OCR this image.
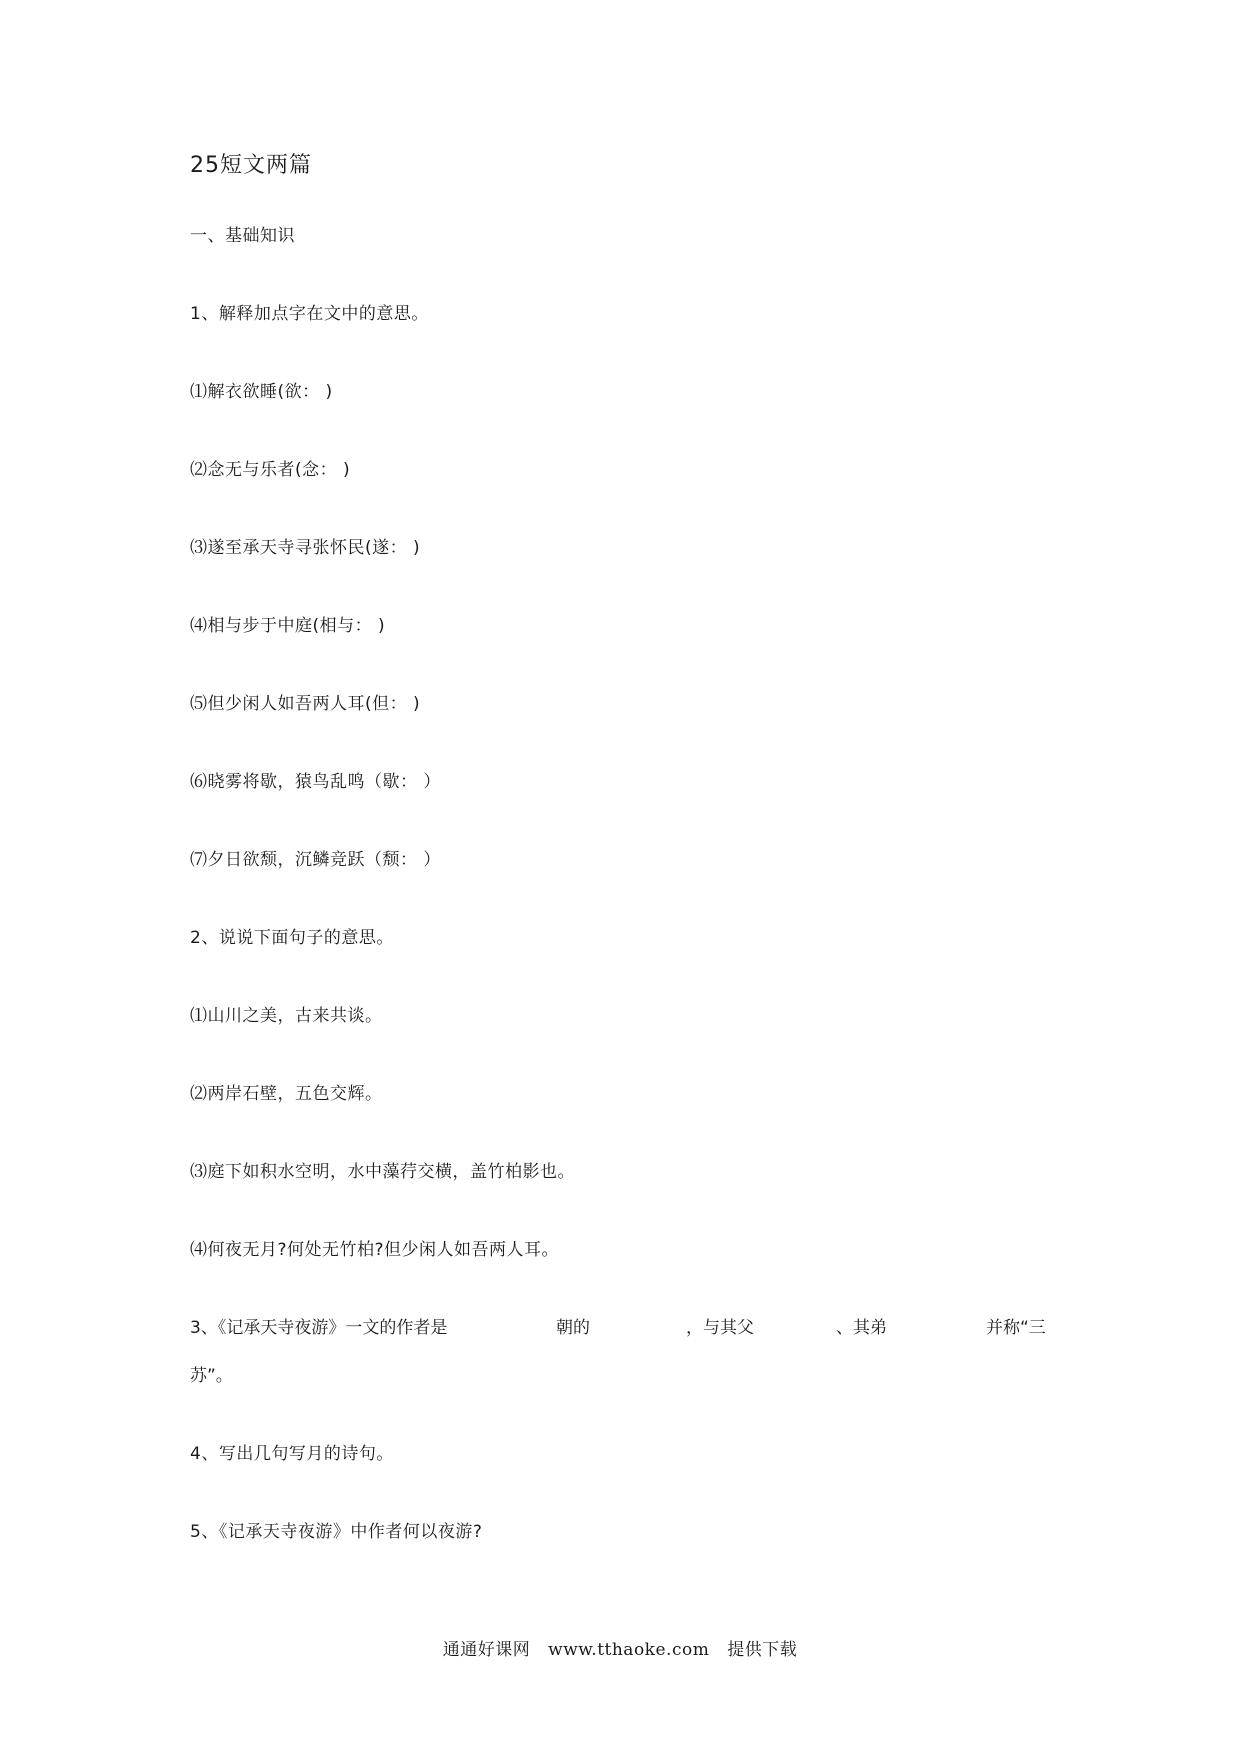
25短文两篇
一、基础知识
1、解释加点字在文中的意思。
⑴解衣欲睡(欲： )
⑵念无与乐者(念： )
⑶遂至承天寺寻张怀民(遂： )
⑷相与步于中庭(相与： )
⑸但少闲人如吾两人耳(但： )
⑹晓雾将歇，猿鸟乱鸣（歇： ）
⑺夕日欲颓，沉鳞竞跃（颓： ）
2、说说下面句子的意思。
⑴山川之美，古来共谈。
⑵两岸石壁，五色交辉。
⑶庭下如积水空明，水中藻荇交横，盖竹柏影也。
⑷何夜无月?何处无竹柏?但少闲人如吾两人耳。
3、《记承天寺夜游》一文的作者是	朝的	，与其父	、其弟	并称“三
苏”。
4、写出几句写月的诗句。
5、《记承天寺夜游》中作者何以夜游?
通通好课网 www.tthaoke.com 提供下载
